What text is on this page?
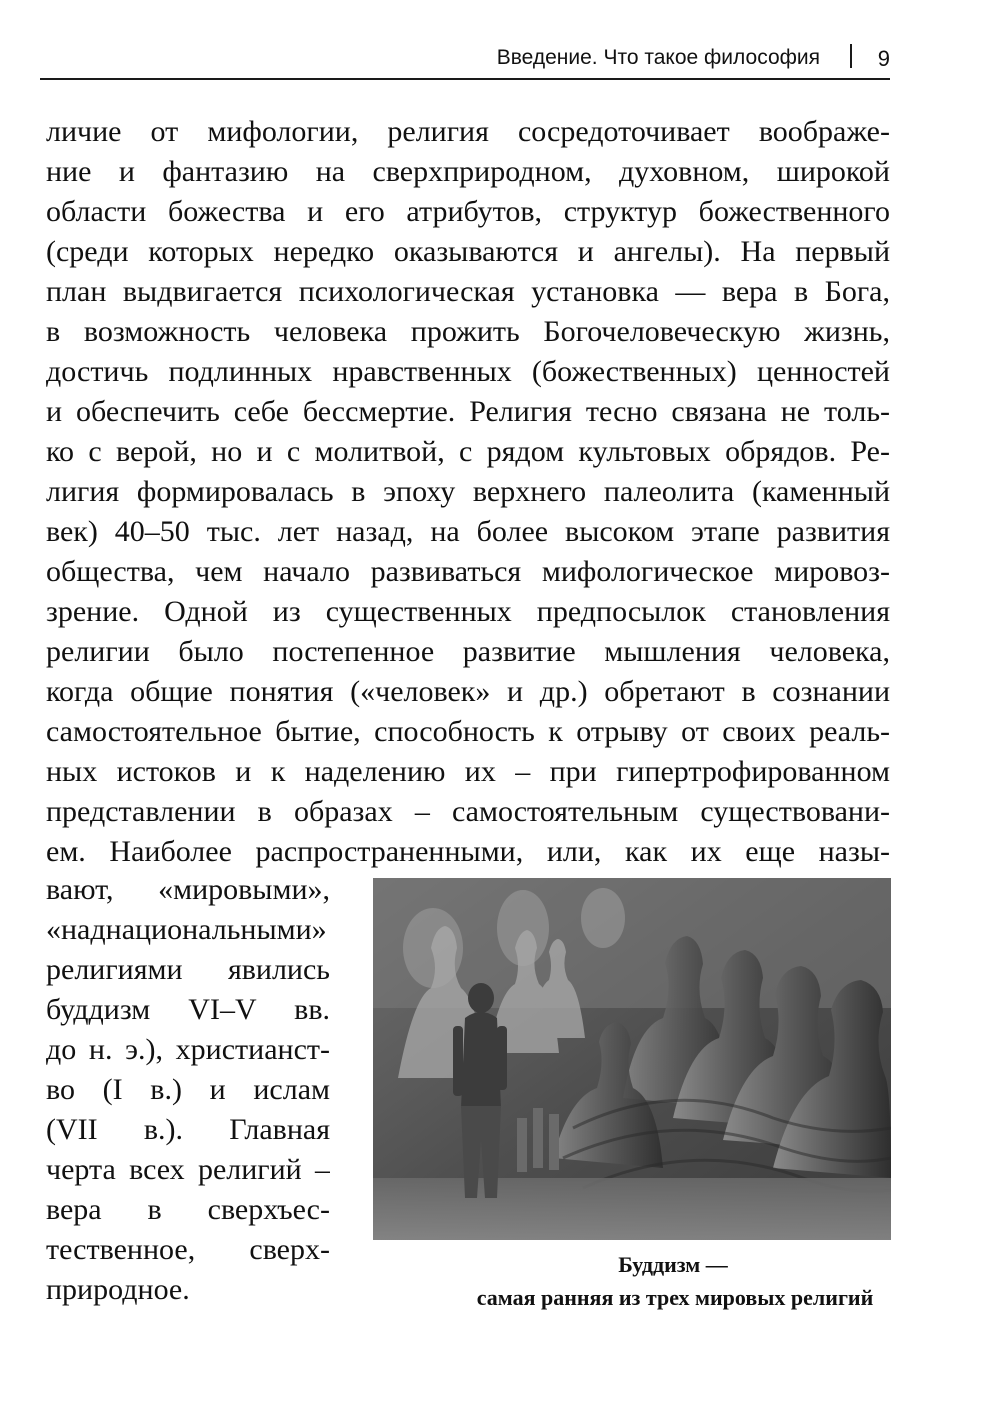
Введение. Что такое философия	9
личие от мифологии, религия сосредоточивает воображе-
ние и фантазию на сверхприродном, духовном, широкой
области божества и его атрибутов, структур божественного
(среди которых нередко оказываются и ангелы). На первый
план выдвигается психологическая установка — вера в Бога,
в возможность человека прожить Богочеловеческую жизнь,
достичь подлинных нравственных (божественных) ценностей
и обеспечить себе бессмертие. Религия тесно связана не толь-
ко с верой, но и с молитвой, с рядом культовых обрядов. Ре-
лигия формировалась в эпоху верхнего палеолита (каменный
век) 40–50 тыс. лет назад, на более высоком этапе развития
общества, чем начало развиваться мифологическое мировоз-
зрение. Одной из существенных предпосылок становления
религии было постепенное развитие мышления человека,
когда общие понятия («человек» и др.) обретают в сознании
самостоятельное бытие, способность к отрыву от своих реаль-
ных истоков и к наделению их – при гипертрофированном
представлении в образах – самостоятельным существовани-
ем. Наиболее распространенными, или, как их еще назы-
вают, «мировыми»,
«наднациональными»
религиями явились
буддизм VI–V вв.
до н. э.), христианст-
во (I в.) и ислам
(VII в.). Главная
черта всех религий –
вера в сверхъес-
тественное, сверх-
природное.
Буддизм —
самая ранняя из трех мировых религий
